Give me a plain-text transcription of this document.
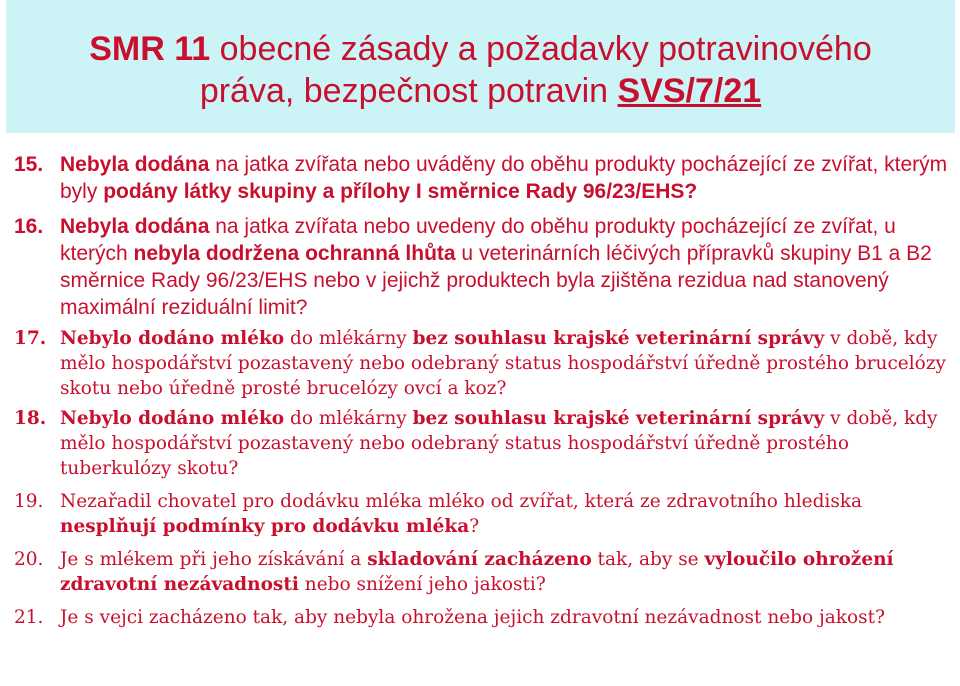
SMR 11 obecné zásady a požadavky potravinového
práva, bezpečnost potravin SVS/7/21
15. Nebyla dodána na jatka zvířata nebo uváděny do oběhu produkty pocházející ze zvířat, kterým byly podány látky skupiny a přílohy I směrnice Rady 96/23/EHS?
16. Nebyla dodána na jatka zvířata nebo uvedeny do oběhu produkty pocházející ze zvířat, u kterých nebyla dodržena ochranná lhůta u veterinárních léčivých přípravků skupiny B1 a B2 směrnice Rady 96/23/EHS nebo v jejichž produktech byla zjištěna rezidua nad stanovený maximální reziduální limit?
17. Nebylo dodáno mléko do mlékárny bez souhlasu krajské veterinární správy v době, kdy mělo hospodářství pozastavený nebo odebraný status hospodářství úředně prostého brucelózy skotu nebo úředně prosté brucelózy ovcí a koz?
18. Nebylo dodáno mléko do mlékárny bez souhlasu krajské veterinární správy v době, kdy mělo hospodářství pozastavený nebo odebraný status hospodářství úředně prostého tuberkulózy skotu?
19. Nezařadil chovatel pro dodávku mléka mléko od zvířat, která ze zdravotního hlediska nesplňují podmínky pro dodávku mléka?
20. Je s mlékem při jeho získávání a skladování zacházeno tak, aby se vyloučilo ohrožení zdravotní nezávadnosti nebo snížení jeho jakosti?
21. Je s vejci zacházeno tak, aby nebyla ohrožena jejich zdravotní nezávadnost nebo jakost?
